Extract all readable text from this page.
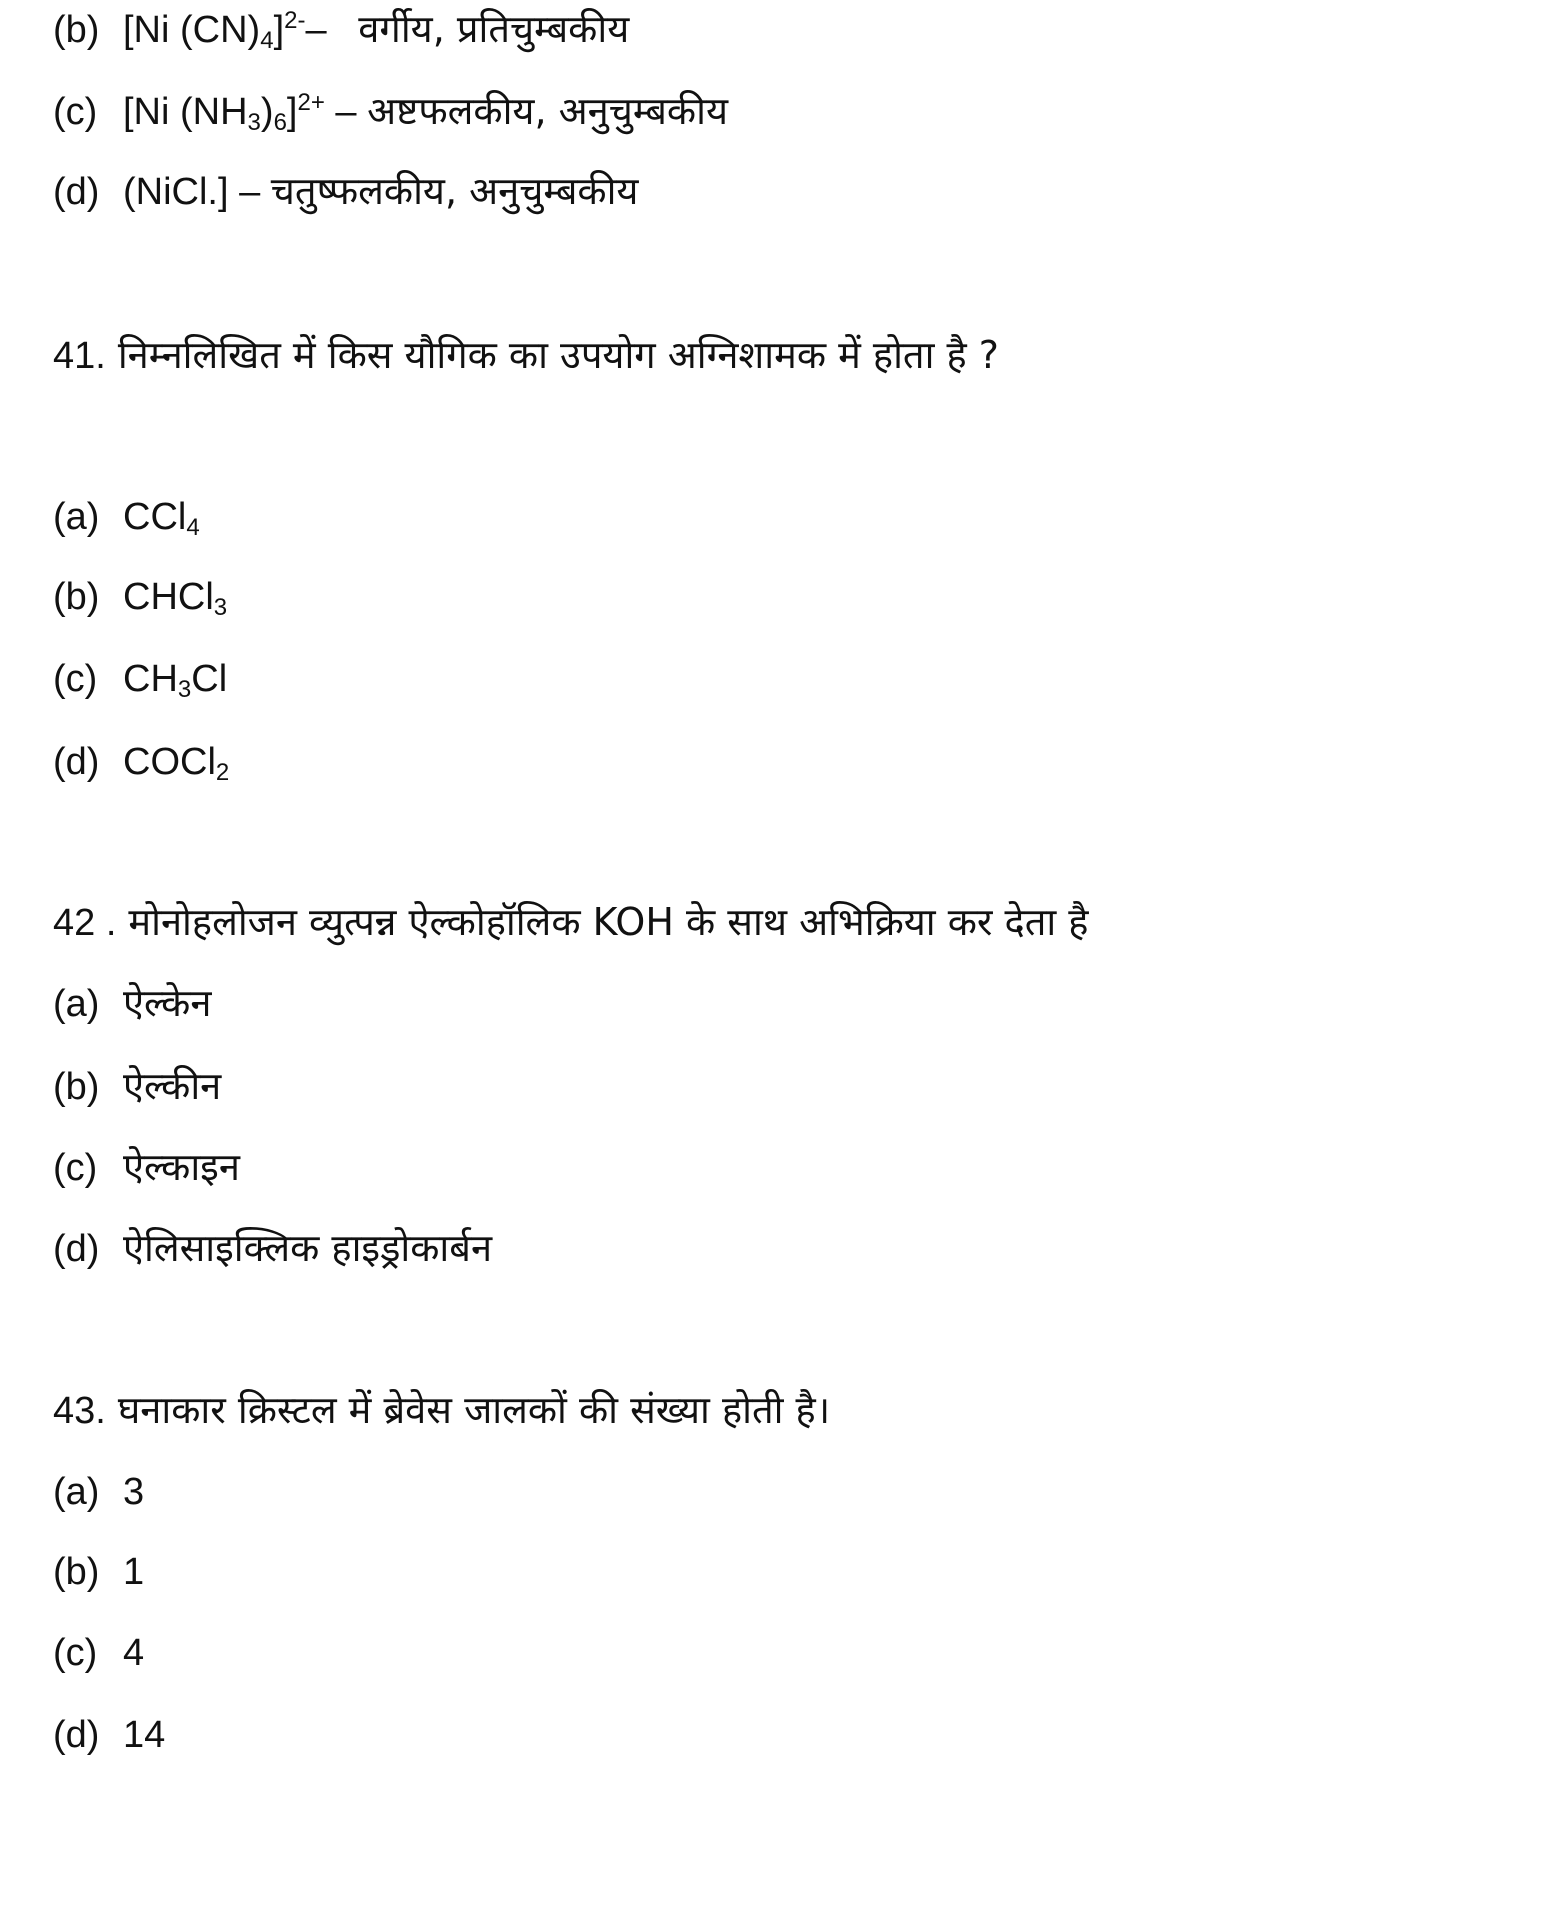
(b) [Ni $(CN)_4]^{2-}-$ वर्गीय, प्रतिचुम्बकीय
(c) [Ni $(NH_3)_6]^{2+}$ – अष्टफलकीय, अनुचुम्बकीय
(d) (NiCl.] – चतुष्फलकीय, अनुचुम्बकीय
41. निम्नलिखित में किस यौगिक का उपयोग अग्निशामक में होता है ?
(a) CCl$_4$
(b) CHCl$_3$
(c) $CH_3Cl$
(d) COCl$_2$
42 . मोनोहलोजन व्युत्पन्न ऐल्कोहॉलिक KOH के साथ अभिक्रिया कर देता है
(a) ऐल्केन
(b) ऐल्कीन
(c) ऐल्काइन
(d) ऐलिसाइक्लिक हाइड्रोकार्बन
43. घनाकार क्रिस्टल में ब्रेवेस जालकों की संख्या होती है।
(a) 3
(b) 1
(c) 4
(d) 14
